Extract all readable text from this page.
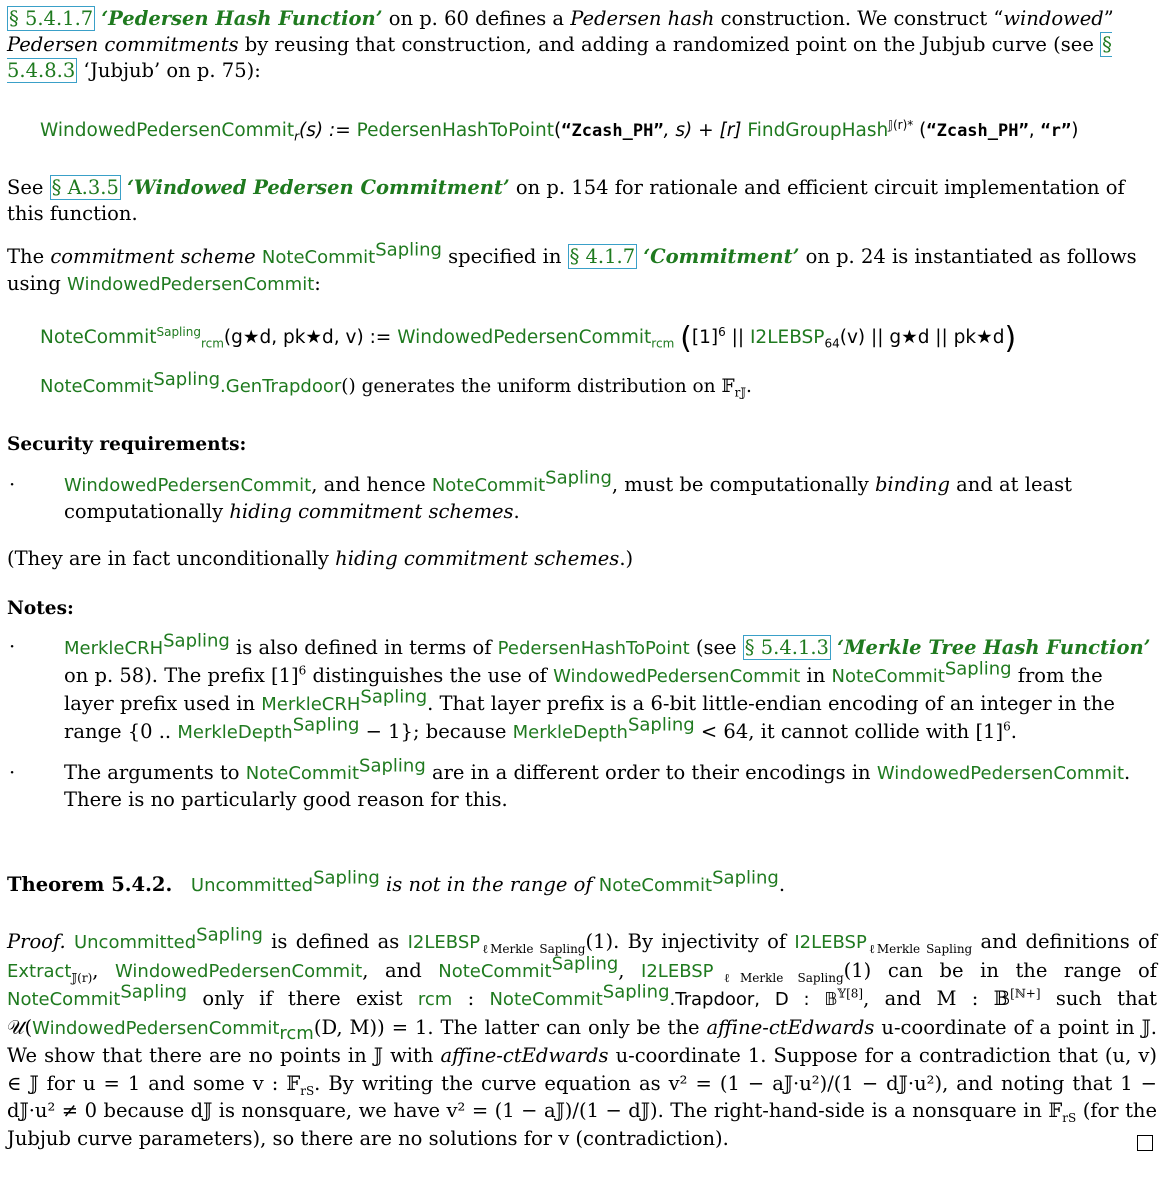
§ 5.4.1.7 ‘Pedersen Hash Function’ on p. 60 defines a Pedersen hash construction. We construct “windowed” Pedersen commitments by reusing that construction, and adding a randomized point on the Jubjub curve (see § 5.4.8.3 ‘Jubjub’ on p. 75):
WindowedPedersenCommit$_r$(s) := PedersenHashToPoint(“Zcash_PH”, s) + [r] FindGroupHash$^{𝕁(r)*}$ (“Zcash_PH”, “r”)
See § A.3.5 ‘Windowed Pedersen Commitment’ on p. 154 for rationale and efficient circuit implementation of this function.
The commitment scheme NoteCommit$^{Sapling}$ specified in § 4.1.7 ‘Commitment’ on p. 24 is instantiated as follows using WindowedPedersenCommit:
NoteCommit$^{Sapling}_{rcm}$(g★d, pk★d, v) := WindowedPedersenCommit$_{rcm}$ ($[1]^6$ || $I2LEBSP_{64}(v)$ || g★d || pk★d)
NoteCommit$^{Sapling}$.GenTrapdoor() generates the uniform distribution on 𝔽$_{r𝕁}$.
Security requirements:
·	WindowedPedersenCommit, and hence NoteCommit$^{Sapling}$, must be computationally binding and at least computationally hiding commitment schemes.
(They are in fact unconditionally hiding commitment schemes.)
Notes:
·	MerkleCRH$^{Sapling}$ is also defined in terms of PedersenHashToPoint (see § 5.4.1.3 ‘Merkle Tree Hash Function’ on p. 58). The prefix $[1]^6$ distinguishes the use of WindowedPedersenCommit in NoteCommit$^{Sapling}$ from the layer prefix used in MerkleCRH$^{Sapling}$. That layer prefix is a 6-bit little-endian encoding of an integer in the range {0 .. MerkleDepth$^{Sapling}$ − 1}; because MerkleDepth$^{Sapling}$ < 64, it cannot collide with $[1]^6$.
·	The arguments to NoteCommit$^{Sapling}$ are in a different order to their encodings in WindowedPedersenCommit. There is no particularly good reason for this.
Theorem 5.4.2. Uncommitted$^{Sapling}$ is not in the range of NoteCommit$^{Sapling}$.
Proof. Uncommitted$^{Sapling}$ is defined as $I2LEBSP_{\ell Merkle Sapling}(1)$. By injectivity of $I2LEBSP_{\ell Merkle Sapling}$ and definitions of Extract$_{𝕁(r)}$, WindowedPedersenCommit, and NoteCommit$^{Sapling}$, $I2LEBSP_{\ell Merkle Sapling}(1)$ can be in the range of NoteCommit$^{Sapling}$ only if there exist rcm : NoteCommit$^{Sapling}$.Trapdoor, D : 𝔹$^{𝕐[8]}$, and M : 𝔹[ℕ+] such that 𝒰(WindowedPedersenCommit$_{rcm}$(D, M)) = 1. The latter can only be the affine-ctEdwards u-coordinate of a point in 𝕁. We show that there are no points in 𝕁 with affine-ctEdwards u-coordinate 1. Suppose for a contradiction that (u, v) ∈ 𝕁 for u = 1 and some v : 𝔽$_{rS}$. By writing the curve equation as v² = (1 − a𝕁·u²)/(1 − d𝕁·u²), and noting that 1 − d𝕁·u² ≠ 0 because d𝕁 is nonsquare, we have v² = (1 − a𝕁)/(1 − d𝕁). The right-hand-side is a nonsquare in 𝔽$_{rS}$ (for the Jubjub curve parameters), so there are no solutions for v (contradiction).
